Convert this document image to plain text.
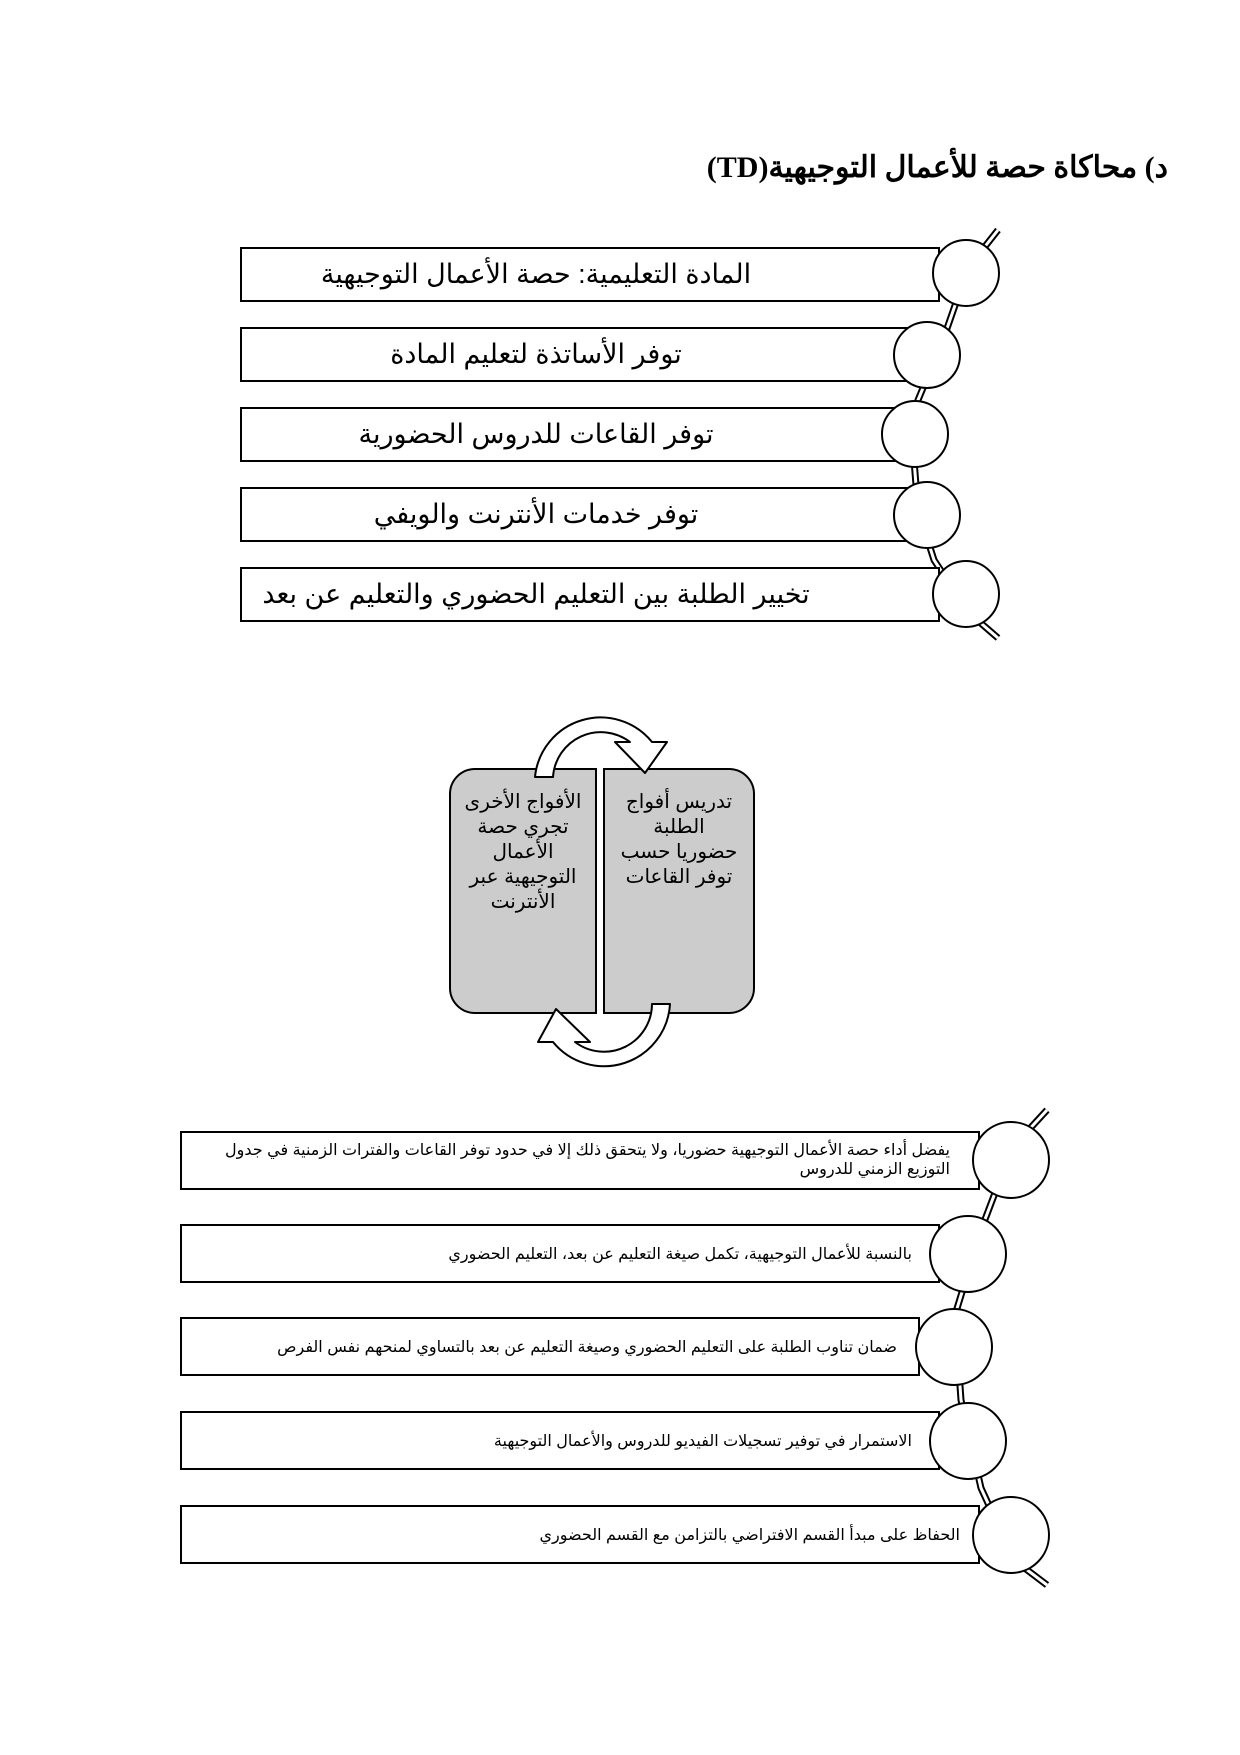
د) محاكاة حصة للأعمال التوجيهية(TD)
المادة التعليمية: حصة الأعمال التوجيهية
توفر الأساتذة لتعليم المادة
توفر القاعات للدروس الحضورية
توفر خدمات الأنترنت والويفي
تخيير الطلبة بين التعليم الحضوري والتعليم عن بعد
الأفواج الأخرى تجري حصة الأعمال التوجيهية عبر الأنترنت
تدريس أفواج الطلبة حضوريا حسب توفر القاعات
يفضل أداء حصة الأعمال التوجيهية حضوريا، ولا يتحقق ذلك إلا في حدود توفر القاعات والفترات الزمنية في جدول التوزيع الزمني للدروس
بالنسبة للأعمال التوجيهية، تكمل صيغة التعليم عن بعد، التعليم الحضوري
ضمان تناوب الطلبة على التعليم الحضوري وصيغة التعليم عن بعد بالتساوي لمنحهم نفس الفرص
الاستمرار في توفير تسجيلات الفيديو للدروس والأعمال التوجيهية
الحفاظ على مبدأ القسم الافتراضي بالتزامن مع القسم الحضوري
